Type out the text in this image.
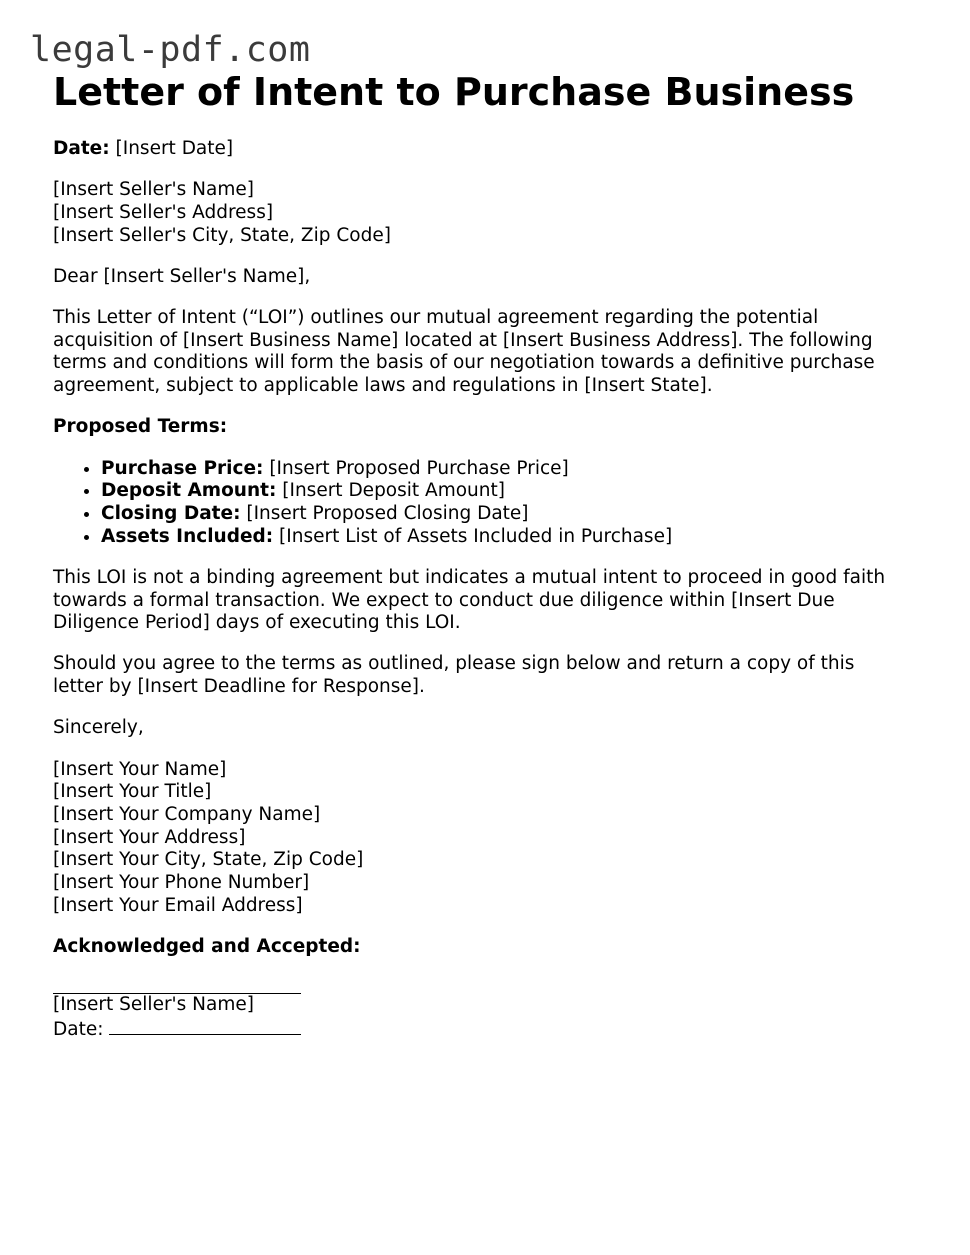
legal-pdf.com
Letter of Intent to Purchase Business

Date: [Insert Date]

[Insert Seller's Name]
[Insert Seller's Address]
[Insert Seller's City, State, Zip Code]

Dear [Insert Seller's Name],

This Letter of Intent (“LOI”) outlines our mutual agreement regarding the potential
acquisition of [Insert Business Name] located at [Insert Business Address]. The following
terms and conditions will form the basis of our negotiation towards a definitive purchase
agreement, subject to applicable laws and regulations in [Insert State].

Proposed Terms:

• Purchase Price: [Insert Proposed Purchase Price]
• Deposit Amount: [Insert Deposit Amount]
• Closing Date: [Insert Proposed Closing Date]
• Assets Included: [Insert List of Assets Included in Purchase]

This LOI is not a binding agreement but indicates a mutual intent to proceed in good faith
towards a formal transaction. We expect to conduct due diligence within [Insert Due
Diligence Period] days of executing this LOI.

Should you agree to the terms as outlined, please sign below and return a copy of this
letter by [Insert Deadline for Response].

Sincerely,

[Insert Your Name]
[Insert Your Title]
[Insert Your Company Name]
[Insert Your Address]
[Insert Your City, State, Zip Code]
[Insert Your Phone Number]
[Insert Your Email Address]

Acknowledged and Accepted:

[Insert Seller's Name]
Date:
